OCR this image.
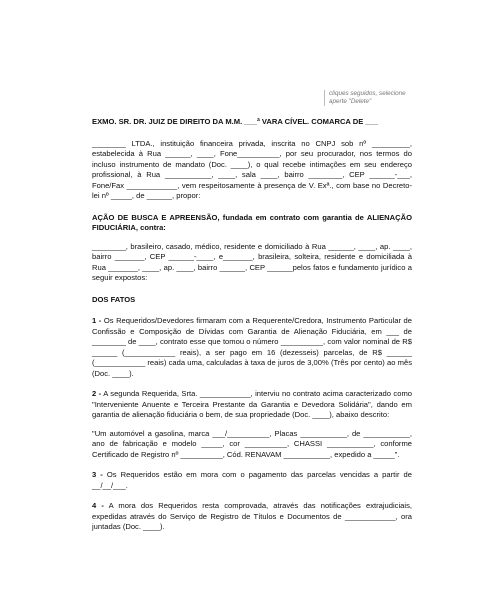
cliques seguidos, selecione
aperte "Delete"

EXMO. SR. DR. JUIZ DE DIREITO DA M.M. ___ª VARA CÍVEL. COMARCA DE ___

________ LTDA., instituição financeira privada, inscrita no CNPJ sob nº _________, estabelecida à Rua ______, ____, Fone__________, por seu procurador, nos termos do incluso instrumento de mandato (Doc. ____), o qual recebe intimações em seu endereço profissional, à Rua ___________, ____, sala ____, bairro ________, CEP ______-___, Fone/Fax ____________, vem respeitosamente à presença de V. Exª., com base no Decreto-lei nº _____, de ______, propor:

AÇÃO DE BUSCA E APREENSÃO, fundada em contrato com garantia de ALIENAÇÃO FIDUCIÁRIA, contra:

________, brasileiro, casado, médico, residente e domiciliado à Rua ______, ____, ap. ____, bairro _______, CEP ______-____, e_______, brasileira, solteira, residente e domiciliada à Rua _______, ____, ap. ____, bairro ______, CEP ______pelos fatos e fundamento jurídico a seguir expostos:

DOS FATOS

1 - Os Requeridos/Devedores firmaram com a Requerente/Credora, Instrumento Particular de Confissão e Composição de Dívidas com Garantia de Alienação Fiduciária, em ___ de ________ de ____, contrato esse que tomou o número __________, com valor nominal de R$ ______ (____________ reais), a ser pago em 16 (dezesseis) parcelas, de R$ ______ (____________ reais) cada uma, calculadas à taxa de juros de 3,00% (Três por cento) ao mês (Doc. ____).

2 - A segunda Requerida, Srta. ____________, interviu no contrato acima caracterizado como "Interveniente Anuente e Terceira Prestante da Garantia e Devedora Solidária", dando em garantia de alienação fiduciária o bem, de sua propriedade (Doc. ____), abaixo descrito:

"Um automóvel a gasolina, marca ___/__________, Placas ___________, de ___________, ano de fabricação e modelo _____, cor __________, CHASSI ___________, conforme Certificado de Registro nº __________, Cód. RENAVAM ___________, expedido a _____".

3 - Os Requeridos estão em mora com o pagamento das parcelas vencidas a partir de __/__/___.

4 - A mora dos Requeridos resta comprovada, através das notificações extrajudiciais, expedidas através do Serviço de Registro de Títulos e Documentos de ____________, ora juntadas (Doc. ____).
